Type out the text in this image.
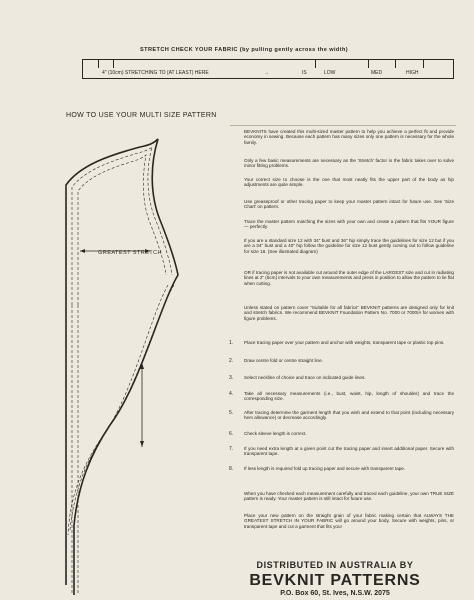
STRETCH CHECK YOUR FABRIC (by pulling gently across the width)
4" (10cm) STRETCHING TO (AT LEAST) HERE	→	IS	LOW	MED	HIGH
HOW TO USE YOUR MULTI SIZE PATTERN
GREATEST STRETCH
BEVKNITS have created this multi-sized master pattern to help you achieve a perfect fit and provide economy in sewing. Because each pattern has many sizes only one pattern is necessary for the whole family.
Only a few basic measurements are necessary as the 'Stretch' factor in the fabric takes over to solve minor fitting problems.
Your correct size to choose is the one that most neatly fits the upper part of the body as hip adjustments are quite simple.
Use greaseproof or other tracing paper to keep your master pattern intact for future use. See 'Size Chart' on pattern.
Trace the master pattern matching the sizes with your own and create a pattern that fits YOUR figure — perfectly.
If you are a standard size 12 with 34" bust and 36" hip simply trace the guidelines for size 12 but if you are a 34" bust and a 40" hip follow the guideline for size 12 bust gently curving out to follow guideline for size 18. (See illustrated diagram)
OR if tracing paper is not available cut around the outer edge of the LARGEST size and cut in radiating lines at 2" (5cm) intervals to your own measurements and press in position to allow the pattern to lie flat when cutting.
Unless stated on pattern cover "Suitable for all fabrics" BEVKNIT patterns are designed only for knit and stretch fabrics. We recommend BEVKNIT Foundation Pattern No. 7000 or 7000/A for women with figure problems.
1. Place tracing paper over your pattern and anchor with weights, transparent tape or plastic top pins.
2. Draw centre fold or centre straight line.
3. Select neckline of choice and trace on indicated guide lines.
4. Take all necessary measurements (i.e., bust, waist, hip, length of shoulder) and trace the corresponding size.
5. After tracing determine the garment length that you wish and extend to that point (including necessary hem allowance) or decrease accordingly.
6. Check sleeve length is correct.
7. If you need extra length at a given point cut the tracing paper and insert additional paper. Secure with transparent tape.
8. If less length is required fold up tracing paper and secure with transparent tape.
When you have checked each measurement carefully and traced each guideline, your own TRUE SIZE pattern is ready. Your master pattern is still intact for future use.
Place your new pattern on the straight grain of your fabric making certain that ALWAYS THE GREATEST STRETCH IN YOUR FABRIC will go around your body. Secure with weights, pins, or transparent tape and cut a garment that fits you!
DISTRIBUTED IN AUSTRALIA BY
BEVKNIT PATTERNS
P.O. Box 60, St. Ives, N.S.W. 2075
